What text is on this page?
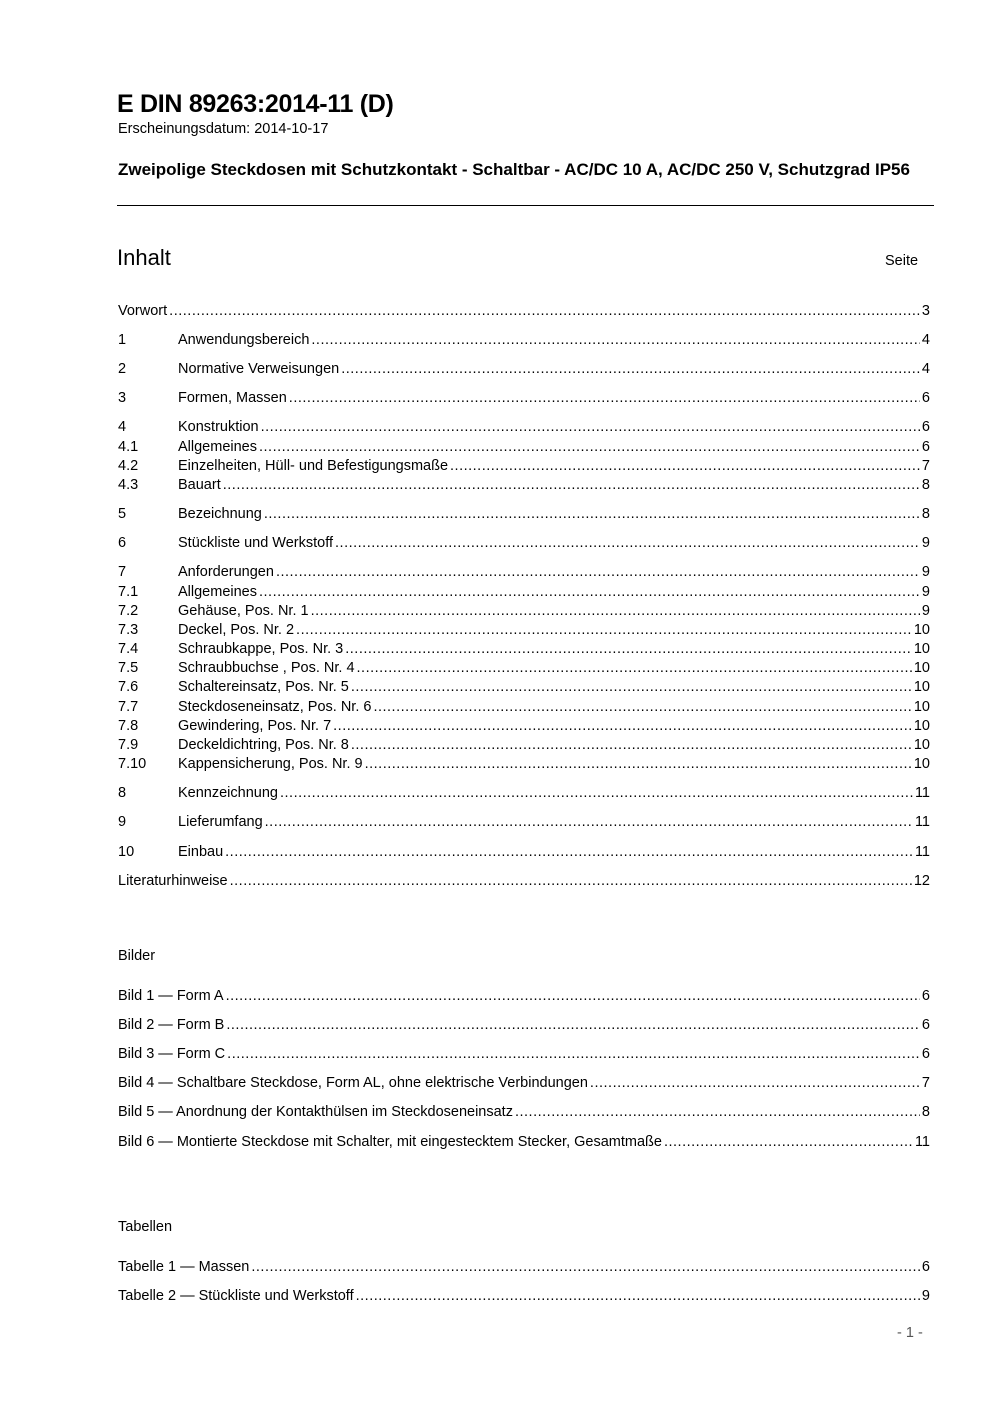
E DIN 89263:2014-11 (D)
Erscheinungsdatum: 2014-10-17
Zweipolige Steckdosen mit Schutzkontakt - Schaltbar - AC/DC 10 A, AC/DC 250 V, Schutzgrad IP56
Inhalt	Seite
Vorwort .....	3
1	Anwendungsbereich .....	4
2	Normative Verweisungen .....	4
3	Formen, Massen .....	6
4	Konstruktion .....	6
4.1	Allgemeines .....	6
4.2	Einzelheiten, Hüll- und Befestigungsmaße .....	7
4.3	Bauart .....	8
5	Bezeichnung .....	8
6	Stückliste und Werkstoff .....	9
7	Anforderungen .....	9
7.1	Allgemeines .....	9
7.2	Gehäuse, Pos. Nr. 1 .....	9
7.3	Deckel, Pos. Nr. 2 .....	10
7.4	Schraubkappe, Pos. Nr. 3 .....	10
7.5	Schraubbuchse , Pos. Nr. 4 .....	10
7.6	Schaltereinsatz, Pos. Nr. 5 .....	10
7.7	Steckdoseneinsatz, Pos. Nr. 6 .....	10
7.8	Gewindering, Pos. Nr. 7 .....	10
7.9	Deckeldichtring, Pos. Nr. 8 .....	10
7.10	Kappensicherung, Pos. Nr. 9 .....	10
8	Kennzeichnung .....	11
9	Lieferumfang .....	11
10	Einbau .....	11
Literaturhinweise .....	12
Bilder
Bild 1 — Form A .....	6
Bild 2 — Form B .....	6
Bild 3 — Form C .....	6
Bild 4 — Schaltbare Steckdose, Form AL, ohne elektrische Verbindungen .....	7
Bild 5 — Anordnung der Kontakthülsen im Steckdoseneinsatz .....	8
Bild 6 — Montierte Steckdose mit Schalter, mit eingestecktem Stecker, Gesamtmaße .....	11
Tabellen
Tabelle 1 — Massen .....	6
Tabelle 2 — Stückliste und Werkstoff .....	9
- 1 -
